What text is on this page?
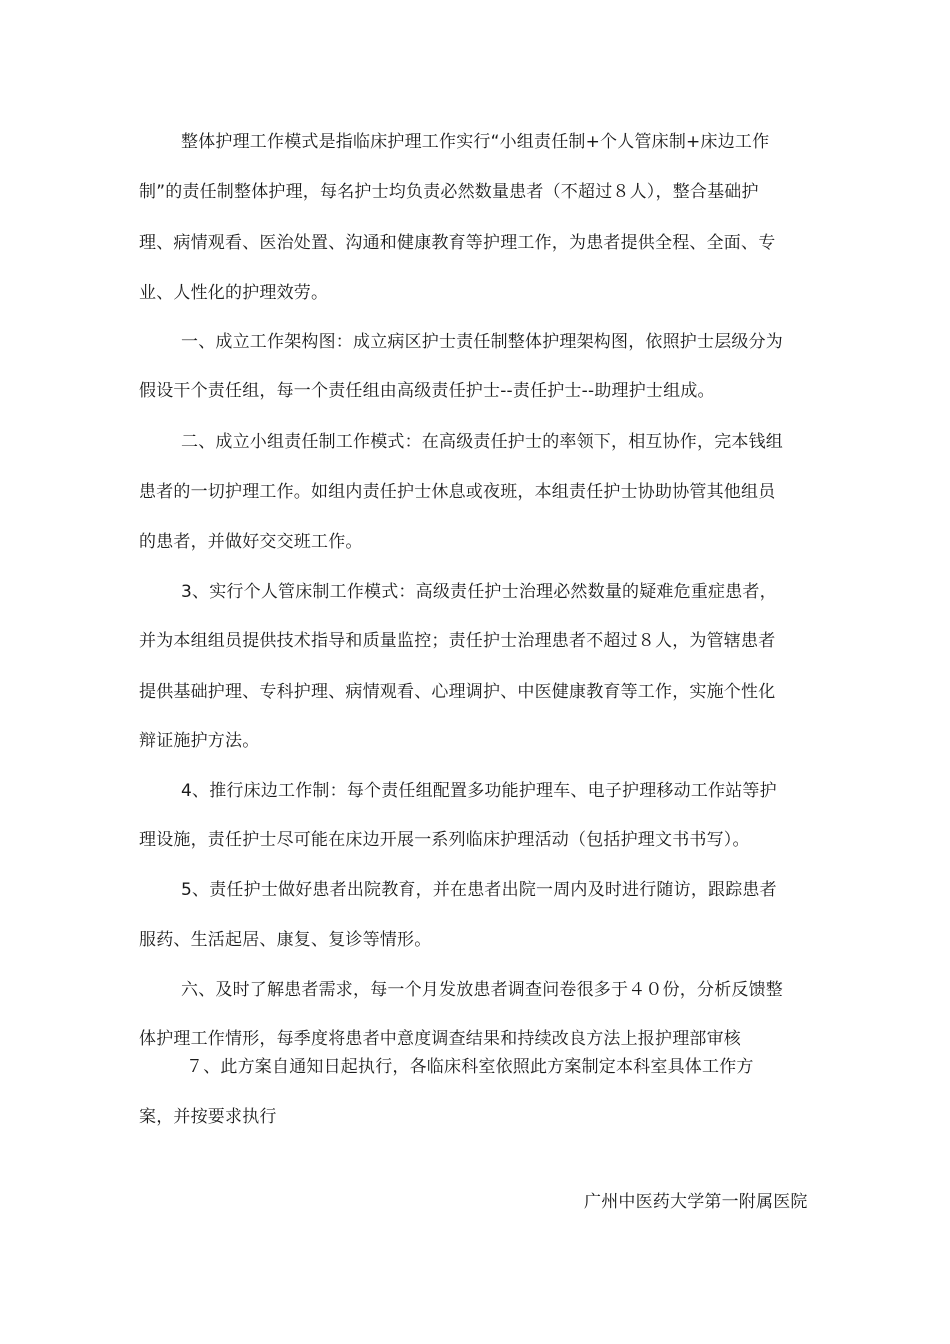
整体护理工作模式是指临床护理工作实行“小组责任制+个人管床制+床边工作
制”的责任制整体护理，每名护士均负责必然数量患者（不超过８人），整合基础护
理、病情观看、医治处置、沟通和健康教育等护理工作，为患者提供全程、全面、专
业、人性化的护理效劳。
一、成立工作架构图：成立病区护士责任制整体护理架构图，依照护士层级分为
假设干个责任组，每一个责任组由高级责任护士--责任护士--助理护士组成。
二、成立小组责任制工作模式：在高级责任护士的率领下，相互协作，完本钱组
患者的一切护理工作。如组内责任护士休息或夜班，本组责任护士协助协管其他组员
的患者，并做好交交班工作。
3、实行个人管床制工作模式：高级责任护士治理必然数量的疑难危重症患者，
并为本组组员提供技术指导和质量监控；责任护士治理患者不超过８人，为管辖患者
提供基础护理、专科护理、病情观看、心理调护、中医健康教育等工作，实施个性化
辩证施护方法。
4、推行床边工作制：每个责任组配置多功能护理车、电子护理移动工作站等护
理设施，责任护士尽可能在床边开展一系列临床护理活动（包括护理文书书写）。
5、责任护士做好患者出院教育，并在患者出院一周内及时进行随访，跟踪患者
服药、生活起居、康复、复诊等情形。
六、及时了解患者需求，每一个月发放患者调查问卷很多于４０份，分析反馈整
体护理工作情形，每季度将患者中意度调查结果和持续改良方法上报护理部审核
７、此方案自通知日起执行，各临床科室依照此方案制定本科室具体工作方
案，并按要求执行
广州中医药大学第一附属医院
